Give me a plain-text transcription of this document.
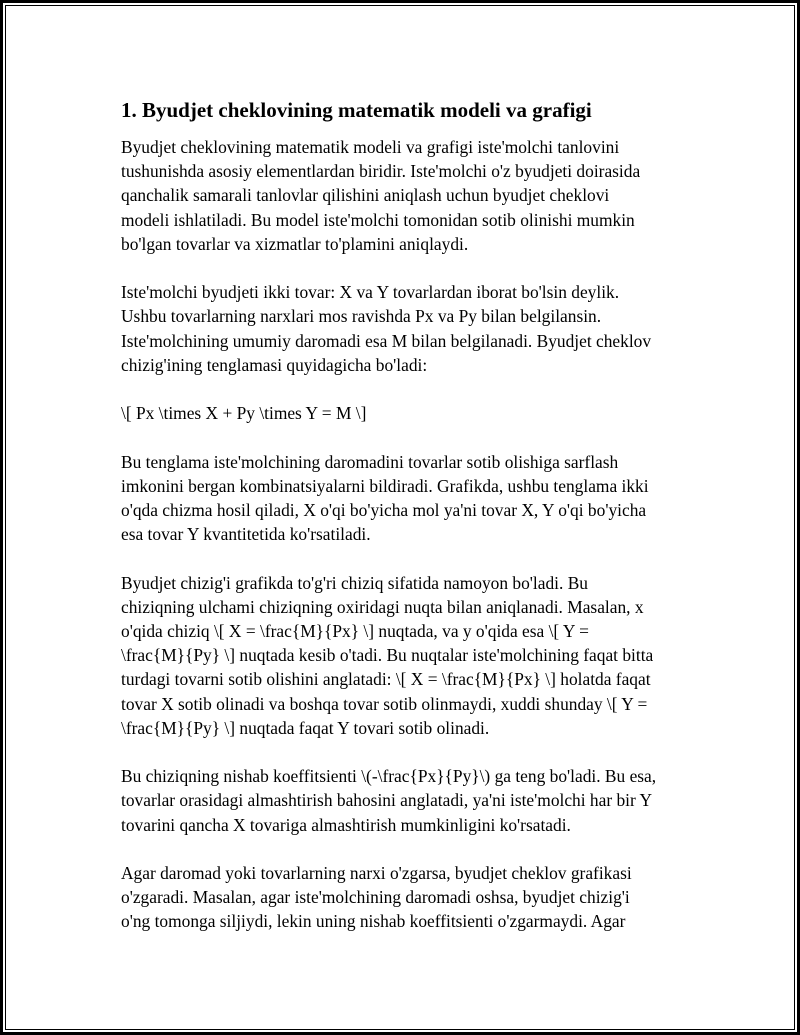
1. Byudjet cheklovining matematik modeli va grafigi

Byudjet cheklovining matematik modeli va grafigi iste'molchi tanlovini
tushunishda asosiy elementlardan biridir. Iste'molchi o'z byudjeti doirasida
qanchalik samarali tanlovlar qilishini aniqlash uchun byudjet cheklovi
modeli ishlatiladi. Bu model iste'molchi tomonidan sotib olinishi mumkin
bo'lgan tovarlar va xizmatlar to'plamini aniqlaydi.

Iste'molchi byudjeti ikki tovar: X va Y tovarlardan iborat bo'lsin deylik.
Ushbu tovarlarning narxlari mos ravishda Px va Py bilan belgilansin.
Iste'molchining umumiy daromadi esa M bilan belgilanadi. Byudjet cheklov
chizig'ining tenglamasi quyidagicha bo'ladi:

\[ Px \times X + Py \times Y = M \]

Bu tenglama iste'molchining daromadini tovarlar sotib olishiga sarflash
imkonini bergan kombinatsiyalarni bildiradi. Grafikda, ushbu tenglama ikki
o'qda chizma hosil qiladi, X o'qi bo'yicha mol ya'ni tovar X, Y o'qi bo'yicha
esa tovar Y kvantitetida ko'rsatiladi.

Byudjet chizig'i grafikda to'g'ri chiziq sifatida namoyon bo'ladi. Bu
chiziqning ulchami chiziqning oxiridagi nuqta bilan aniqlanadi. Masalan, x
o'qida chiziq \[ X = \frac{M}{Px} \] nuqtada, va y o'qida esa \[ Y =
\frac{M}{Py} \] nuqtada kesib o'tadi. Bu nuqtalar iste'molchining faqat bitta
turdagi tovarni sotib olishini anglatadi: \[ X = \frac{M}{Px} \] holatda faqat
tovar X sotib olinadi va boshqa tovar sotib olinmaydi, xuddi shunday \[ Y =
\frac{M}{Py} \] nuqtada faqat Y tovari sotib olinadi.

Bu chiziqning nishab koeffitsienti \(-\frac{Px}{Py}\) ga teng bo'ladi. Bu esa,
tovarlar orasidagi almashtirish bahosini anglatadi, ya'ni iste'molchi har bir Y
tovarini qancha X tovariga almashtirish mumkinligini ko'rsatadi.

Agar daromad yoki tovarlarning narxi o'zgarsa, byudjet cheklov grafikasi
o'zgaradi. Masalan, agar iste'molchining daromadi oshsa, byudjet chizig'i
o'ng tomonga siljiydi, lekin uning nishab koeffitsienti o'zgarmaydi. Agar
